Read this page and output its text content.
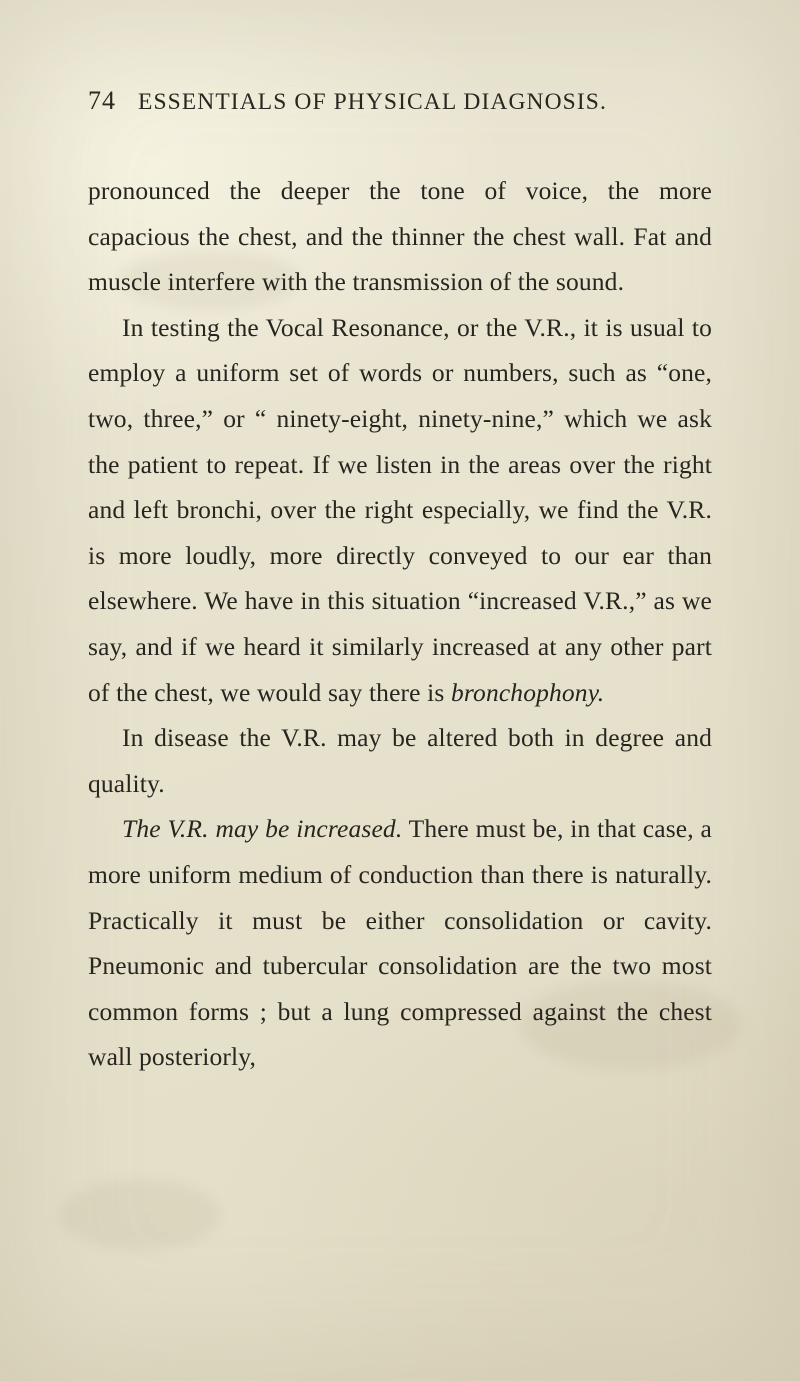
74 ESSENTIALS OF PHYSICAL DIAGNOSIS.

pronounced the deeper the tone of voice, the more capacious the chest, and the thinner the chest wall. Fat and muscle interfere with the transmission of the sound.

In testing the Vocal Resonance, or the V.R., it is usual to employ a uniform set of words or numbers, such as “one, two, three,” or “ ninety-eight, ninety-nine,” which we ask the patient to repeat. If we listen in the areas over the right and left bronchi, over the right especially, we find the V.R. is more loudly, more directly conveyed to our ear than elsewhere. We have in this situation “increased V.R.,” as we say, and if we heard it similarly increased at any other part of the chest, we would say there is bronchophony.

In disease the V.R. may be altered both in degree and quality.

The V.R. may be increased. There must be, in that case, a more uniform medium of conduction than there is naturally. Practically it must be either consolidation or cavity. Pneumonic and tubercular consolidation are the two most common forms ; but a lung compressed against the chest wall posteriorly,
